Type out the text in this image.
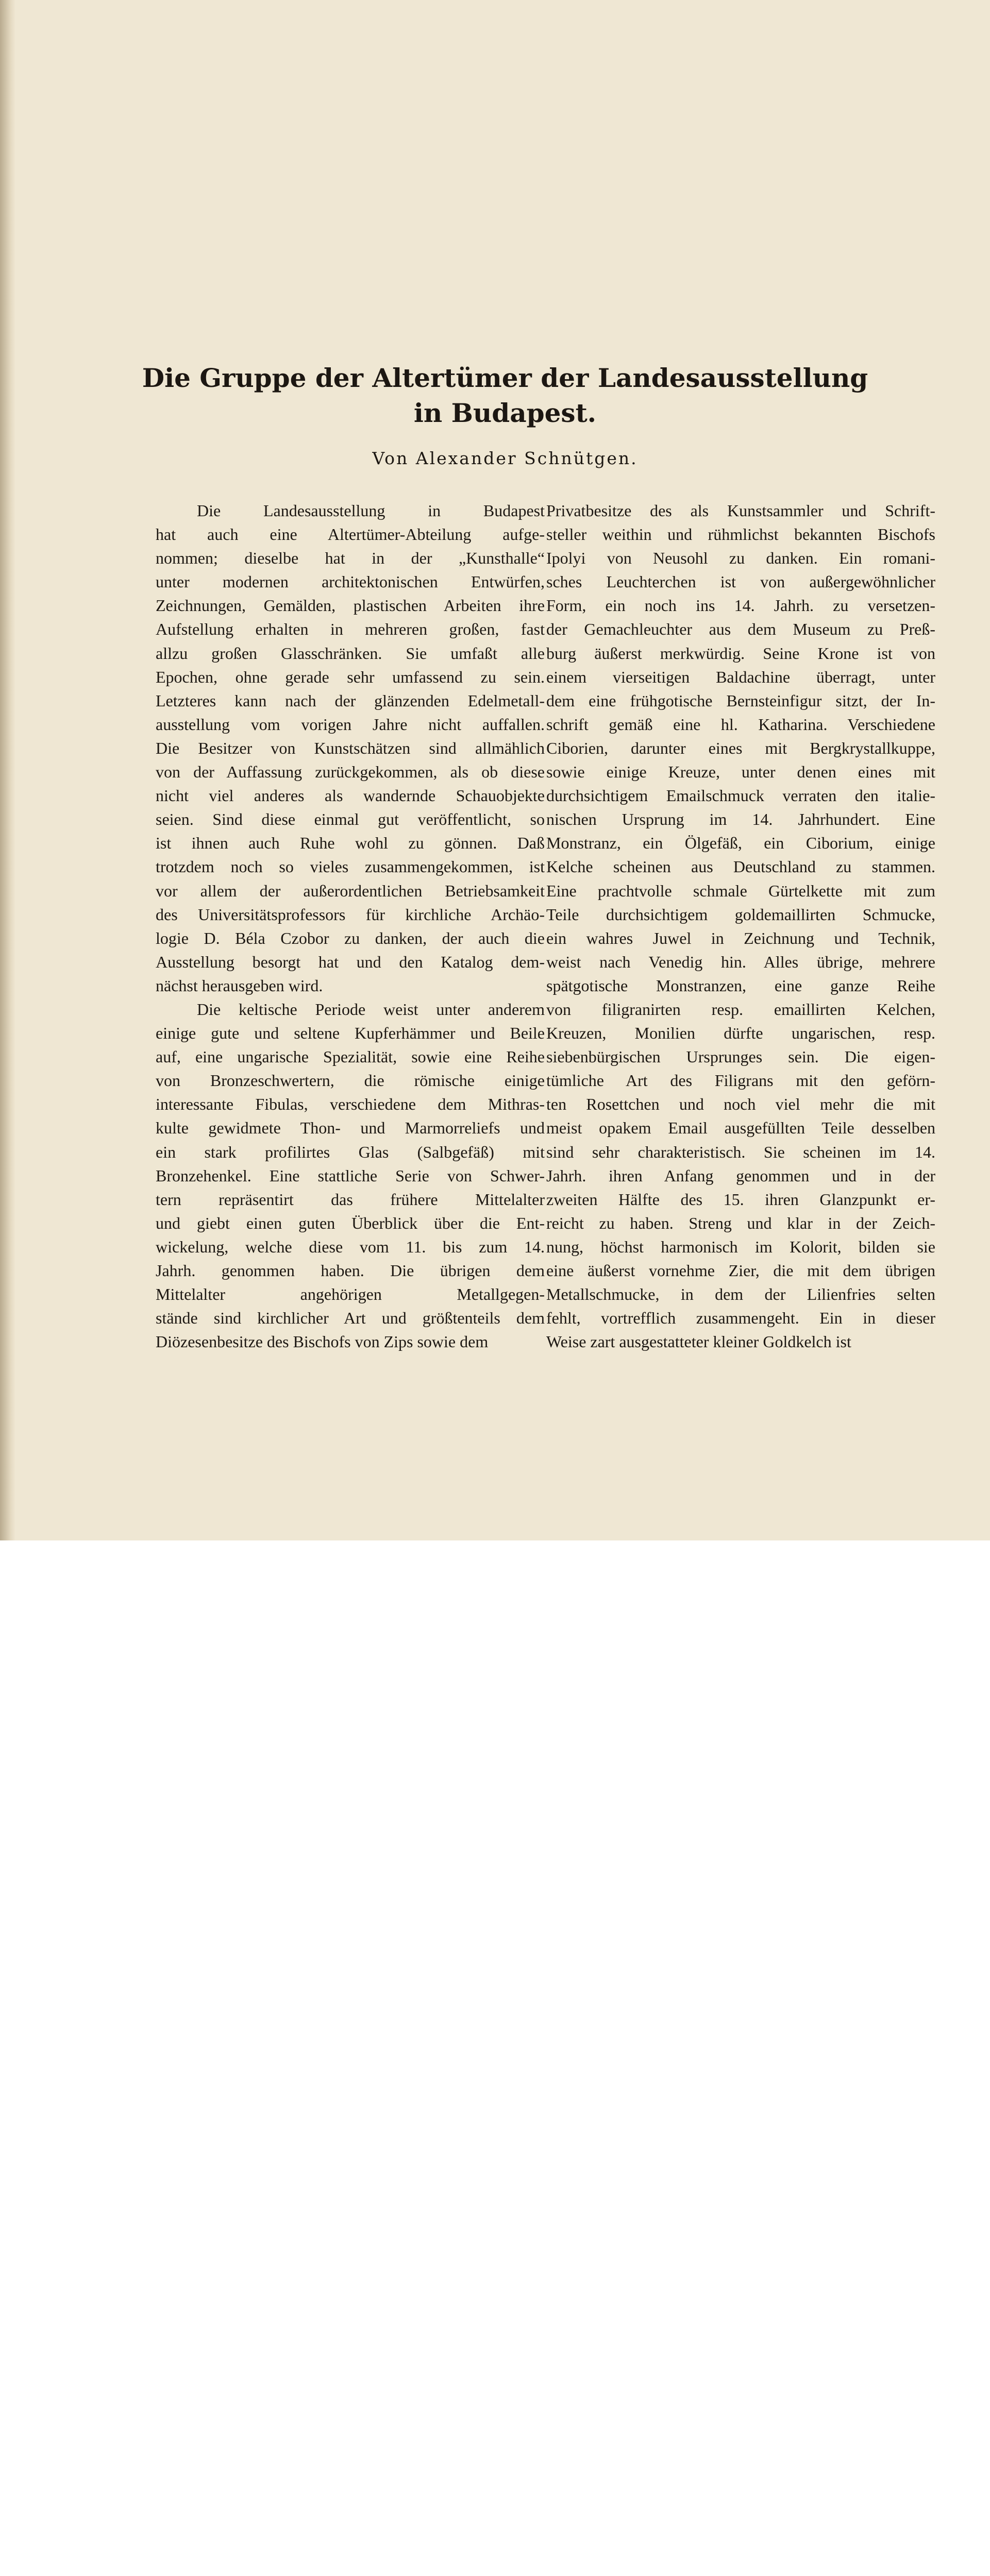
Die Gruppe der Altertümer der Landesausstellung
in Budapest.
Von Alexander Schnütgen.
Die Landesausstellung in Budapest
hat auch eine Altertümer-Abteilung aufge-
nommen; dieselbe hat in der „Kunsthalle“
unter modernen architektonischen Entwürfen,
Zeichnungen, Gemälden, plastischen Arbeiten ihre
Aufstellung erhalten in mehreren großen, fast
allzu großen Glasschränken. Sie umfaßt alle
Epochen, ohne gerade sehr umfassend zu sein.
Letzteres kann nach der glänzenden Edelmetall-
ausstellung vom vorigen Jahre nicht auffallen.
Die Besitzer von Kunstschätzen sind allmählich
von der Auffassung zurückgekommen, als ob diese
nicht viel anderes als wandernde Schauobjekte
seien. Sind diese einmal gut veröffentlicht, so
ist ihnen auch Ruhe wohl zu gönnen. Daß
trotzdem noch so vieles zusammengekommen, ist
vor allem der außerordentlichen Betriebsamkeit
des Universitätsprofessors für kirchliche Archäo-
logie D. Béla Czobor zu danken, der auch die
Ausstellung besorgt hat und den Katalog dem-
nächst herausgeben wird.
Die keltische Periode weist unter anderem
einige gute und seltene Kupferhämmer und Beile
auf, eine ungarische Spezialität, sowie eine Reihe
von Bronzeschwertern, die römische einige
interessante Fibulas, verschiedene dem Mithras-
kulte gewidmete Thon- und Marmorreliefs und
ein stark profilirtes Glas (Salbgefäß) mit
Bronzehenkel. Eine stattliche Serie von Schwer-
tern repräsentirt das frühere Mittelalter
und giebt einen guten Überblick über die Ent-
wickelung, welche diese vom 11. bis zum 14.
Jahrh. genommen haben. Die übrigen dem
Mittelalter angehörigen Metallgegen-
stände sind kirchlicher Art und größtenteils dem
Diözesenbesitze des Bischofs von Zips sowie dem
Privatbesitze des als Kunstsammler und Schrift-
steller weithin und rühmlichst bekannten Bischofs
Ipolyi von Neusohl zu danken. Ein romani-
sches Leuchterchen ist von außergewöhnlicher
Form, ein noch ins 14. Jahrh. zu versetzen-
der Gemachleuchter aus dem Museum zu Preß-
burg äußerst merkwürdig. Seine Krone ist von
einem vierseitigen Baldachine überragt, unter
dem eine frühgotische Bernsteinfigur sitzt, der In-
schrift gemäß eine hl. Katharina. Verschiedene
Ciborien, darunter eines mit Bergkrystallkuppe,
sowie einige Kreuze, unter denen eines mit
durchsichtigem Emailschmuck verraten den italie-
nischen Ursprung im 14. Jahrhundert. Eine
Monstranz, ein Ölgefäß, ein Ciborium, einige
Kelche scheinen aus Deutschland zu stammen.
Eine prachtvolle schmale Gürtelkette mit zum
Teile durchsichtigem goldemaillirten Schmucke,
ein wahres Juwel in Zeichnung und Technik,
weist nach Venedig hin. Alles übrige, mehrere
spätgotische Monstranzen, eine ganze Reihe
von filigranirten resp. emaillirten Kelchen,
Kreuzen, Monilien dürfte ungarischen, resp.
siebenbürgischen Ursprunges sein. Die eigen-
tümliche Art des Filigrans mit den geförn-
ten Rosettchen und noch viel mehr die mit
meist opakem Email ausgefüllten Teile desselben
sind sehr charakteristisch. Sie scheinen im 14.
Jahrh. ihren Anfang genommen und in der
zweiten Hälfte des 15. ihren Glanzpunkt er-
reicht zu haben. Streng und klar in der Zeich-
nung, höchst harmonisch im Kolorit, bilden sie
eine äußerst vornehme Zier, die mit dem übrigen
Metallschmucke, in dem der Lilienfries selten
fehlt, vortrefflich zusammengeht. Ein in dieser
Weise zart ausgestatteter kleiner Goldkelch ist
